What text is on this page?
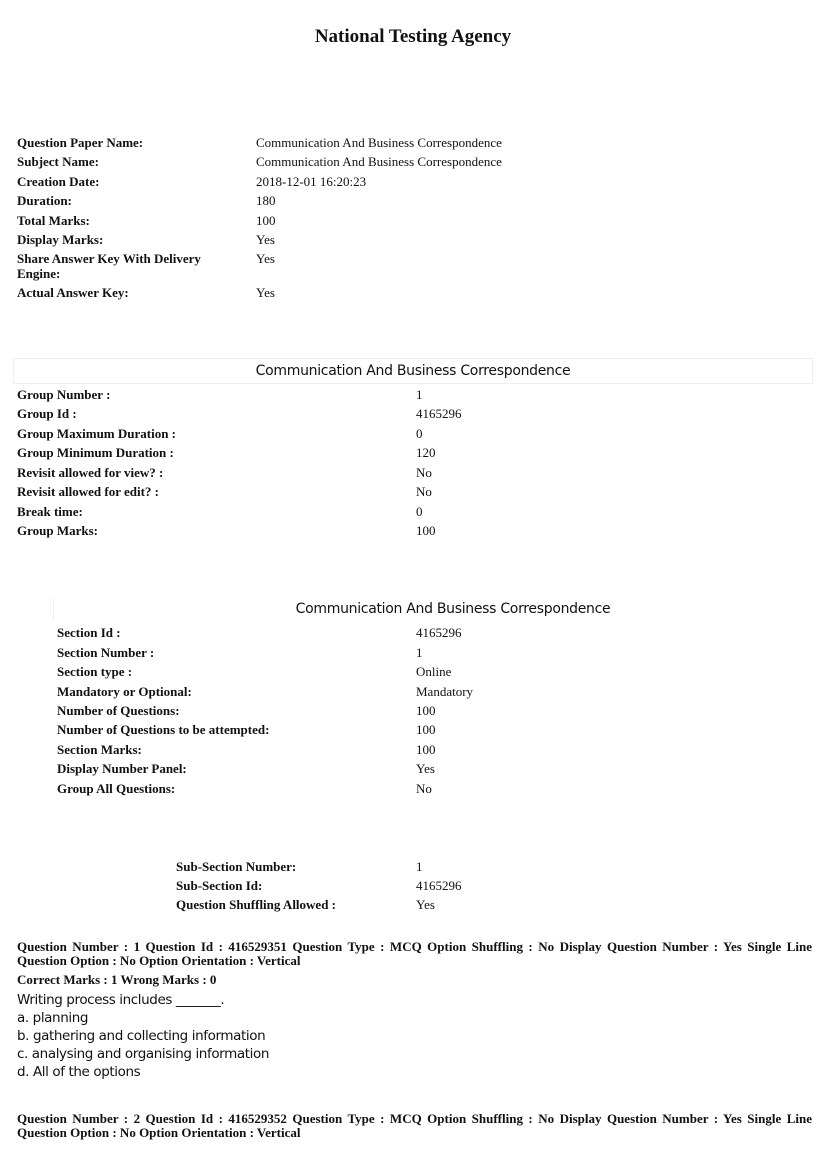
National Testing Agency
Question Paper Name:	Communication And Business Correspondence
Subject Name:	Communication And Business Correspondence
Creation Date:	2018-12-01 16:20:23
Duration:	180
Total Marks:	100
Display Marks:	Yes
Share Answer Key With Delivery Engine:
Yes
Actual Answer Key:	Yes
Communication And Business Correspondence
Group Number :	1
Group Id :	4165296
Group Maximum Duration :	0
Group Minimum Duration :	120
Revisit allowed for view? :	No
Revisit allowed for edit? :	No
Break time:	0
Group Marks:	100
Communication And Business Correspondence
Section Id :	4165296
Section Number :	1
Section type :	Online
Mandatory or Optional:	Mandatory
Number of Questions:	100
Number of Questions to be attempted:	100
Section Marks:	100
Display Number Panel:	Yes
Group All Questions:	No
Sub-Section Number:	1
Sub-Section Id:	4165296
Question Shuffling Allowed :	Yes
Question Number : 1 Question Id : 416529351 Question Type : MCQ Option Shuffling : No Display Question Number : Yes Single Line Question Option : No Option Orientation : Vertical
Correct Marks : 1 Wrong Marks : 0
Writing process includes _______.
a. planning
b. gathering and collecting information
c. analysing and organising information
d. All of the options
Question Number : 2 Question Id : 416529352 Question Type : MCQ Option Shuffling : No Display Question Number : Yes Single Line Question Option : No Option Orientation : Vertical
